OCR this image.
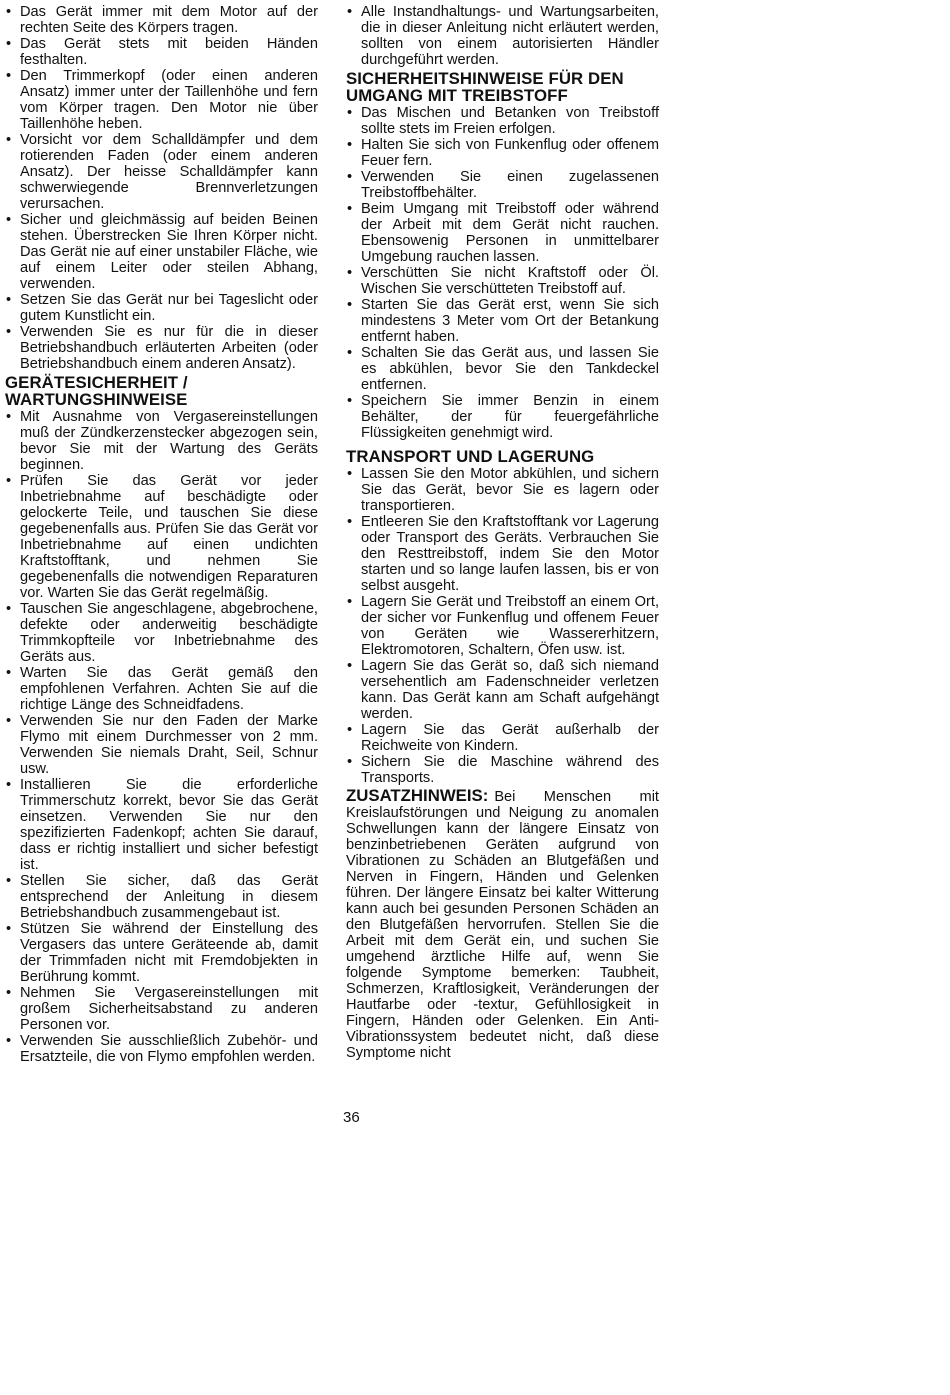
• Das Gerät immer mit dem Motor auf der rechten Seite des Körpers tragen.
• Das Gerät stets mit beiden Händen festhalten.
• Den Trimmerkopf (oder einen anderen Ansatz) immer unter der Taillenhöhe und fern vom Körper tragen. Den Motor nie über Taillenhöhe heben.
• Vorsicht vor dem Schalldämpfer und dem rotierenden Faden (oder einem anderen Ansatz). Der heisse Schalldämpfer kann schwerwiegende Brennverletzungen verursachen.
• Sicher und gleichmässig auf beiden Beinen stehen. Überstrecken Sie Ihren Körper nicht. Das Gerät nie auf einer unstabiler Fläche, wie auf einem Leiter oder steilen Abhang, verwenden.
• Setzen Sie das Gerät nur bei Tageslicht oder gutem Kunstlicht ein.
• Verwenden Sie es nur für die in dieser Betriebshandbuch erläuterten Arbeiten (oder Betriebshandbuch einem anderen Ansatz).
GERÄTESICHERHEIT /
WARTUNGSHINWEISE
• Mit Ausnahme von Vergasereinstellungen muß der Zündkerzenstecker abgezogen sein, bevor Sie mit der Wartung des Geräts beginnen.
• Prüfen Sie das Gerät vor jeder Inbetriebnahme auf beschädigte oder gelockerte Teile, und tauschen Sie diese gegebenenfalls aus. Prüfen Sie das Gerät vor Inbetriebnahme auf einen undichten Kraftstofftank, und nehmen Sie gegebenenfalls die notwendigen Reparaturen vor. Warten Sie das Gerät regelmäßig.
• Tauschen Sie angeschlagene, abgebrochene, defekte oder anderweitig beschädigte Trimmkopfteile vor Inbetriebnahme des Geräts aus.
• Warten Sie das Gerät gemäß den empfohlenen Verfahren. Achten Sie auf die richtige Länge des Schneidfadens.
• Verwenden Sie nur den Faden der Marke Flymo mit einem Durchmesser von 2 mm. Verwenden Sie niemals Draht, Seil, Schnur usw.
• Installieren Sie die erforderliche Trimmerschutz korrekt, bevor Sie das Gerät einsetzen. Verwenden Sie nur den spezifizierten Fadenkopf; achten Sie darauf, dass er richtig installiert und sicher befestigt ist.
• Stellen Sie sicher, daß das Gerät entsprechend der Anleitung in diesem Betriebshandbuch zusammengebaut ist.
• Stützen Sie während der Einstellung des Vergasers das untere Geräteende ab, damit der Trimmfaden nicht mit Fremdobjekten in Berührung kommt.
• Nehmen Sie Vergasereinstellungen mit großem Sicherheitsabstand zu anderen Personen vor.
• Verwenden Sie ausschließlich Zubehör- und Ersatzteile, die von Flymo empfohlen werden.
• Alle Instandhaltungs- und Wartungsarbeiten, die in dieser Anleitung nicht erläutert werden, sollten von einem autorisierten Händler durchgeführt werden.
SICHERHEITSHINWEISE FÜR DEN
UMGANG MIT TREIBSTOFF
• Das Mischen und Betanken von Treibstoff sollte stets im Freien erfolgen.
• Halten Sie sich von Funkenflug oder offenem Feuer fern.
• Verwenden Sie einen zugelassenen Treibstoffbehälter.
• Beim Umgang mit Treibstoff oder während der Arbeit mit dem Gerät nicht rauchen. Ebensowenig Personen in unmittelbarer Umgebung rauchen lassen.
• Verschütten Sie nicht Kraftstoff oder Öl. Wischen Sie verschütteten Treibstoff auf.
• Starten Sie das Gerät erst, wenn Sie sich mindestens 3 Meter vom Ort der Betankung entfernt haben.
• Schalten Sie das Gerät aus, und lassen Sie es abkühlen, bevor Sie den Tankdeckel entfernen.
• Speichern Sie immer Benzin in einem Behälter, der für feuergefährliche Flüssigkeiten genehmigt wird.
TRANSPORT UND LAGERUNG
• Lassen Sie den Motor abkühlen, und sichern Sie das Gerät, bevor Sie es lagern oder transportieren.
• Entleeren Sie den Kraftstofftank vor Lagerung oder Transport des Geräts. Verbrauchen Sie den Resttreibstoff, indem Sie den Motor starten und so lange laufen lassen, bis er von selbst ausgeht.
• Lagern Sie Gerät und Treibstoff an einem Ort, der sicher vor Funkenflug und offenem Feuer von Geräten wie Wassererhitzern, Elektromotoren, Schaltern, Öfen usw. ist.
• Lagern Sie das Gerät so, daß sich niemand versehentlich am Fadenschneider verletzen kann. Das Gerät kann am Schaft aufgehängt werden.
• Lagern Sie das Gerät außerhalb der Reichweite von Kindern.
• Sichern Sie die Maschine während des Transports.

ZUSATZHINWEIS: Bei Menschen mit Kreislaufstörungen und Neigung zu anomalen Schwellungen kann der längere Einsatz von benzinbetriebenen Geräten aufgrund von Vibrationen zu Schäden an Blutgefäßen und Nerven in Fingern, Händen und Gelenken führen. Der längere Einsatz bei kalter Witterung kann auch bei gesunden Personen Schäden an den Blutgefäßen hervorrufen. Stellen Sie die Arbeit mit dem Gerät ein, und suchen Sie umgehend ärztliche Hilfe auf, wenn Sie folgende Symptome bemerken: Taubheit, Schmerzen, Kraftlosigkeit, Veränderungen der Hautfarbe oder -textur, Gefühllosigkeit in Fingern, Händen oder Gelenken. Ein Anti-Vibrationssystem bedeutet nicht, daß diese Symptome nicht

36
